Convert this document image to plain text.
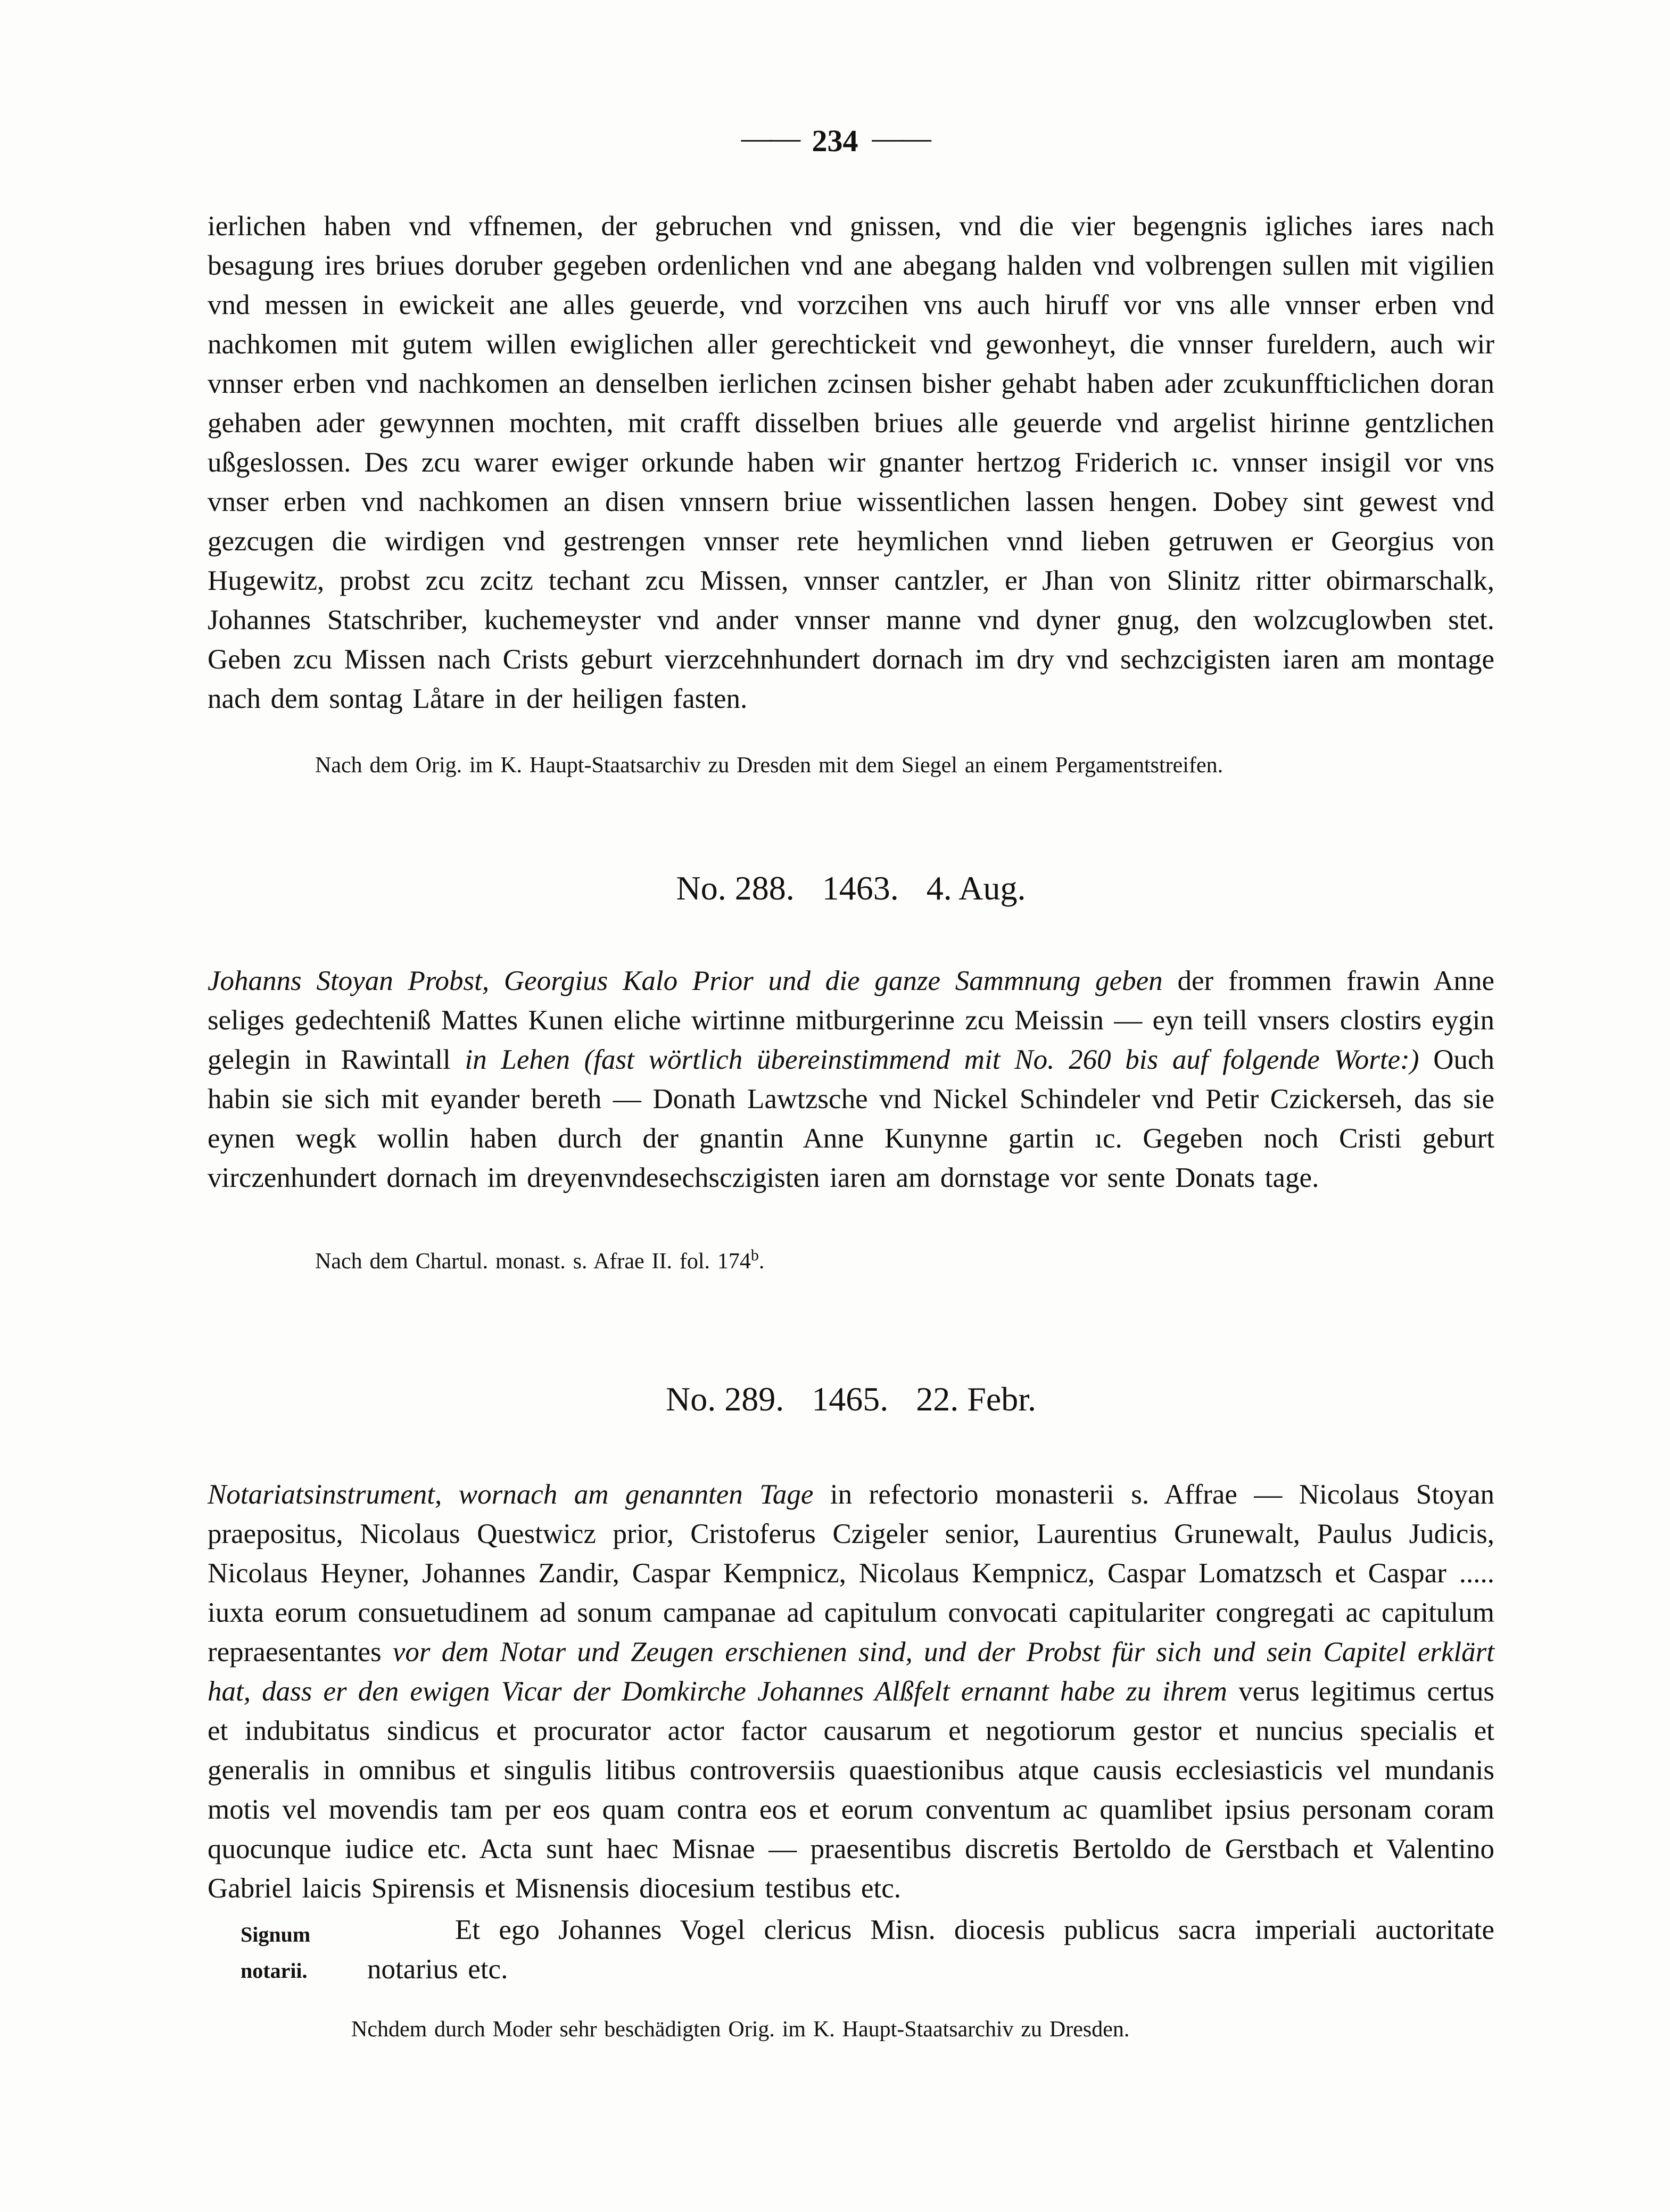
—— 234 ——

ierlichen haben vnd vffnemen, der gebruchen vnd gnissen, vnd die vier begengnis igliches iares nach besagung ires briues doruber gegeben ordenlichen vnd ane abegang halden vnd volbrengen sullen mit vigilien vnd messen in ewickeit ane alles geuerde, vnd vorzcihen vns auch hiruff vor vns alle vnnser erben vnd nachkomen mit gutem willen ewiglichen aller gerechtickeit vnd gewonheyt, die vnnser fureldern, auch wir vnnser erben vnd nachkomen an denselben ierlichen zcinsen bisher gehabt haben ader zcukunffticlichen doran gehaben ader gewynnen mochten, mit crafft disselben briues alle geuerde vnd argelist hirinne gentzlichen ußgeslossen. Des zcu warer ewiger orkunde haben wir gnanter hertzog Friderich ıc. vnnser insigil vor vns vnser erben vnd nachkomen an disen vnnsern briue wissentlichen lassen hengen. Dobey sint gewest vnd gezcugen die wirdigen vnd gestrengen vnnser rete heymlichen vnnd lieben getruwen er Georgius von Hugewitz, probst zcu zcitz techant zcu Missen, vnnser cantzler, er Jhan von Slinitz ritter obirmarschalk, Johannes Statschriber, kuchemeyster vnd ander vnnser manne vnd dyner gnug, den wolzcuglowben stet. Geben zcu Missen nach Crists geburt vierzcehnhundert dornach im dry vnd sechzcigisten iaren am montage nach dem sontag Låtare in der heiligen fasten.

Nach dem Orig. im K. Haupt-Staatsarchiv zu Dresden mit dem Siegel an einem Pergamentstreifen.

No. 288. 1463. 4. Aug.

Johanns Stoyan Probst, Georgius Kalo Prior und die ganze Sammnung geben der frommen frawin Anne seliges gedechteniß Mattes Kunen eliche wirtinne mitburgerinne zcu Meissin — eyn teill vnsers clostirs eygin gelegin in Rawintall in Lehen (fast wörtlich übereinstimmend mit No. 260 bis auf folgende Worte:) Ouch habin sie sich mit eyander bereth — Donath Lawtzsche vnd Nickel Schindeler vnd Petir Czickerseh, das sie eynen wegk wollin haben durch der gnantin Anne Kunynne gartin ıc. Gegeben noch Cristi geburt virczenhundert dornach im dreyenvndesechsczigisten iaren am dornstage vor sente Donats tage.

Nach dem Chartul. monast. s. Afrae II. fol. 174$^b$.

No. 289. 1465. 22. Febr.

Notariatsinstrument, wornach am genannten Tage in refectorio monasterii s. Affrae — Nicolaus Stoyan praepositus, Nicolaus Questwicz prior, Cristoferus Czigeler senior, Laurentius Grunewalt, Paulus Judicis, Nicolaus Heyner, Johannes Zandir, Caspar Kempnicz, Nicolaus Kempnicz, Caspar Lomatzsch et Caspar ..... iuxta eorum consuetudinem ad sonum campanae ad capitulum convocati capitulariter congregati ac capitulum repraesentantes vor dem Notar und Zeugen erschienen sind, und der Probst für sich und sein Capitel erklärt hat, dass er den ewigen Vicar der Domkirche Johannes Alßfelt ernannt habe zu ihrem verus legitimus certus et indubitatus sindicus et procurator actor factor causarum et negotiorum gestor et nuncius specialis et generalis in omnibus et singulis litibus controversiis quaestionibus atque causis ecclesiasticis vel mundanis motis vel movendis tam per eos quam contra eos et eorum conventum ac quamlibet ipsius personam coram quocunque iudice etc. Acta sunt haec Misnae — praesentibus discretis Bertoldo de Gerstbach et Valentino Gabriel laicis Spirensis et Misnensis diocesium testibus etc.

Signum
notarii.

Et ego Johannes Vogel clericus Misn. diocesis publicus sacra imperiali auctoritate notarius etc.

Nchdem durch Moder sehr beschädigten Orig. im K. Haupt-Staatsarchiv zu Dresden.
